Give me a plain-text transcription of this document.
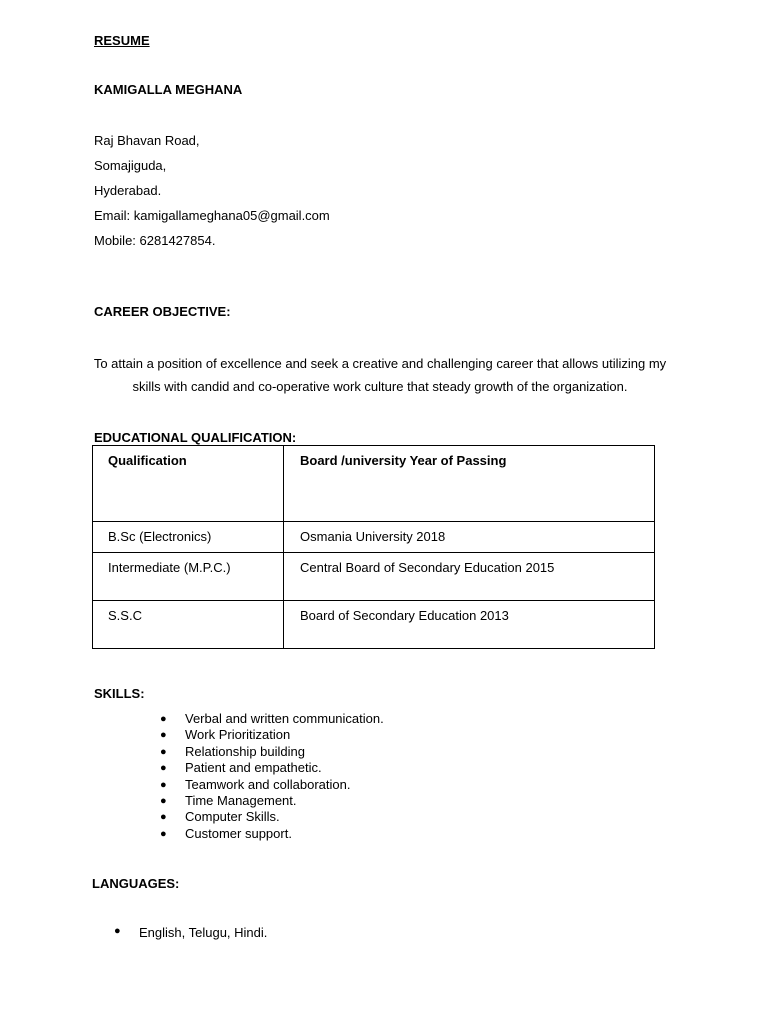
RESUME
KAMIGALLA MEGHANA
Raj Bhavan Road,
Somajiguda,
Hyderabad.
Email: kamigallameghana05@gmail.com
Mobile: 6281427854.
CAREER OBJECTIVE:
To attain a position of excellence and seek a creative and challenging career that allows utilizing my skills with candid and co-operative work culture that steady growth of the organization.
EDUCATIONAL QUALIFICATION:
Qualification	Board /university Year of Passing

B.Sc (Electronics)	Osmania University 2018

Intermediate (M.P.C.)	Central Board of Secondary Education 2015

S.S.C	Board of Secondary Education 2013
SKILLS:
● Verbal and written communication.
● Work Prioritization
● Relationship building
● Patient and empathetic.
● Teamwork and collaboration.
● Time Management.
● Computer Skills.
● Customer support.
LANGUAGES:
● English, Telugu, Hindi.
